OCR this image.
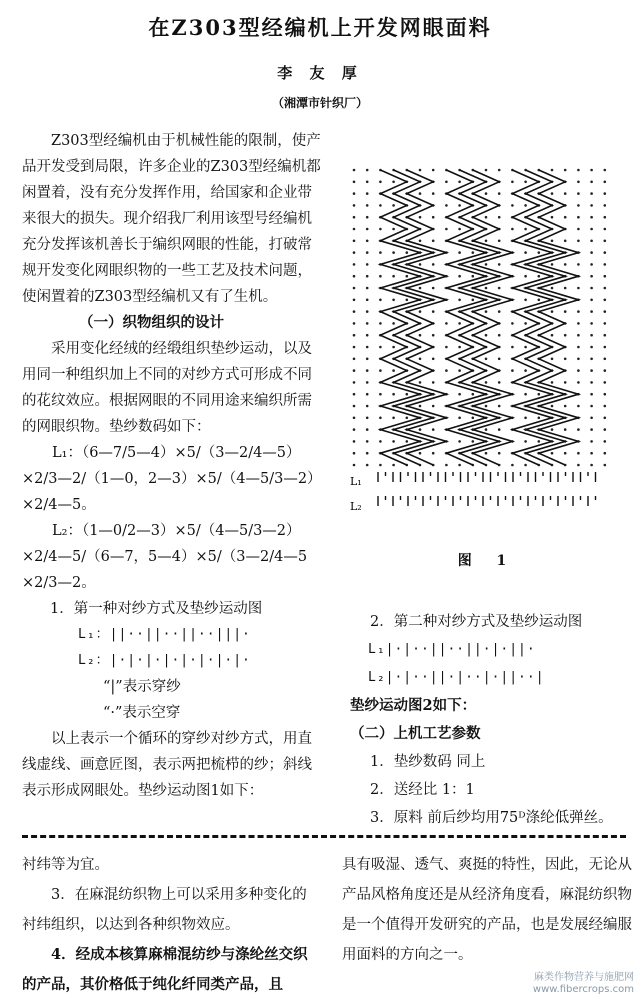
在Z303型经编机上开发网眼面料
李 友 厚
（湘潭市针织厂）

Z303型经编机由于机械性能的限制，使产品开发受到局限，许多企业的Z303型经编机都闲置着，没有充分发挥作用，给国家和企业带来很大的损失。现介绍我厂利用该型号经编机充分发挥该机善长于编织网眼的性能，打破常规开发变化网眼织物的一些工艺及技术问题，使闲置着的Z303型经编机又有了生机。

（一）织物组织的设计

采用变化经绒的经缎组织垫纱运动，以及用同一种组织加上不同的对纱方式可形成不同的花纹效应。根据网眼的不同用途来编织所需的网眼织物。垫纱数码如下：

L₁：（6—7/5—4）×5/（3—2/4—5）

×2/3—2/（1—0，2—3）×5/（4—5/3—2）

×2/4—5。

L₂：（1—0/2—3）×5/（4—5/3—2）

×2/4—5/（6—7，5—4）×5/（3—2/4—5

×2/3—2。

1．第一种对纱方式及垫纱运动图

L₁：||··||··||··|||·

L₂：|·|·|·|·|·|·|·|·

“|”表示穿纱

“·”表示空穿

以上表示一个循环的穿纱对纱方式，用直线虚线、画意匠图，表示两把梳栉的纱；斜线表示形成网眼处。垫纱运动图1如下：

L₁
L₂
图 1

2．第二种对纱方式及垫纱运动图

L₁|·|··||··||·|·||·

L₂|·|··||·|··|·||··|

垫纱运动图2如下：

（二）上机工艺参数

1．垫纱数码 同上

2．送经比 1：1

3．原料 前后纱均用75ᴰ涤纶低弹丝。

衬纬等为宜。

3．在麻混纺织物上可以采用多种变化的衬纬组织，以达到各种织物效应。

4．经成本核算麻棉混纺纱与涤纶丝交织的产品，其价格低于纯化纤同类产品，且

具有吸湿、透气、爽挺的特性，因此，无论从产品风格角度还是从经济角度看，麻混纺织物是一个值得开发研究的产品，也是发展经编服用面料的方向之一。

麻类作物营养与施肥网
www.fibercrops.com
